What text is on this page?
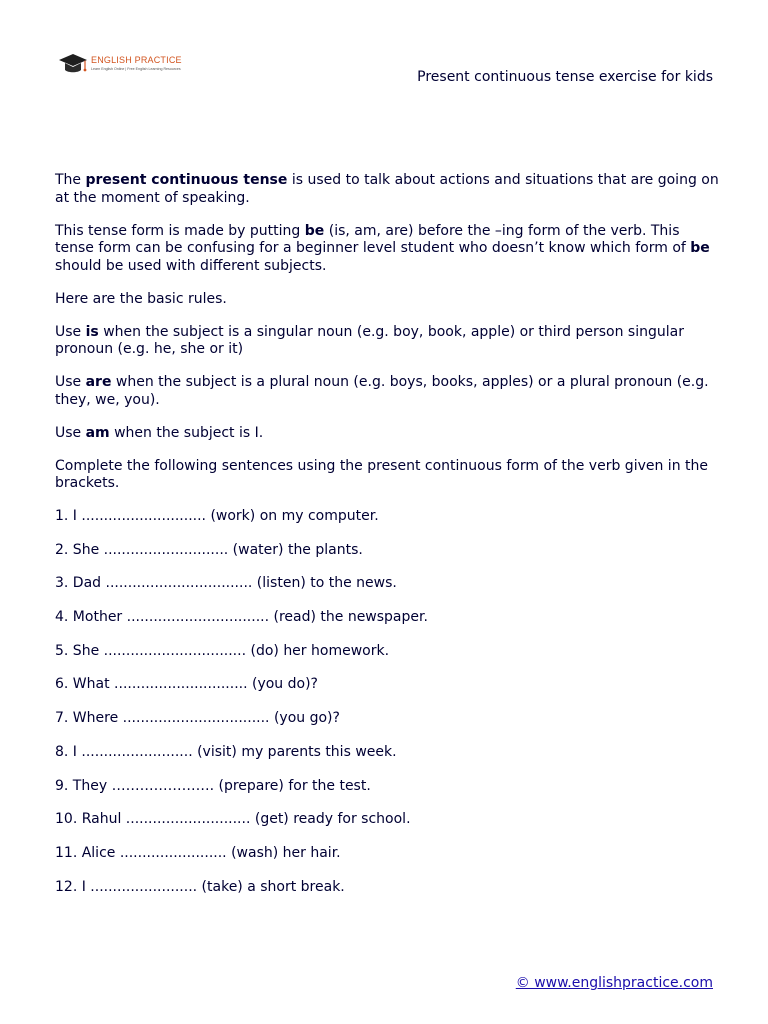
ENGLISH PRACTICE
Learn English Online | Free English Learning Resources	Present continuous tense exercise for kids

The present continuous tense is used to talk about actions and situations that are going on at the moment of speaking.

This tense form is made by putting be (is, am, are) before the –ing form of the verb. This tense form can be confusing for a beginner level student who doesn’t know which form of be should be used with different subjects.

Here are the basic rules.

Use is when the subject is a singular noun (e.g. boy, book, apple) or third person singular pronoun (e.g. he, she or it)

Use are when the subject is a plural noun (e.g. boys, books, apples) or a plural pronoun (e.g. they, we, you).

Use am when the subject is I.

Complete the following sentences using the present continuous form of the verb given in the brackets.

1. I ............................ (work) on my computer.
2. She ............................ (water) the plants.
3. Dad ................................. (listen) to the news.
4. Mother ................................ (read) the newspaper.
5. She ................................ (do) her homework.
6. What .............................. (you do)?
7. Where ................................. (you go)?
8. I ......................... (visit) my parents this week.
9. They …………………. (prepare) for the test.
10. Rahul ............................ (get) ready for school.
11. Alice ........................ (wash) her hair.
12. I ........................ (take) a short break.
© www.englishpractice.com
